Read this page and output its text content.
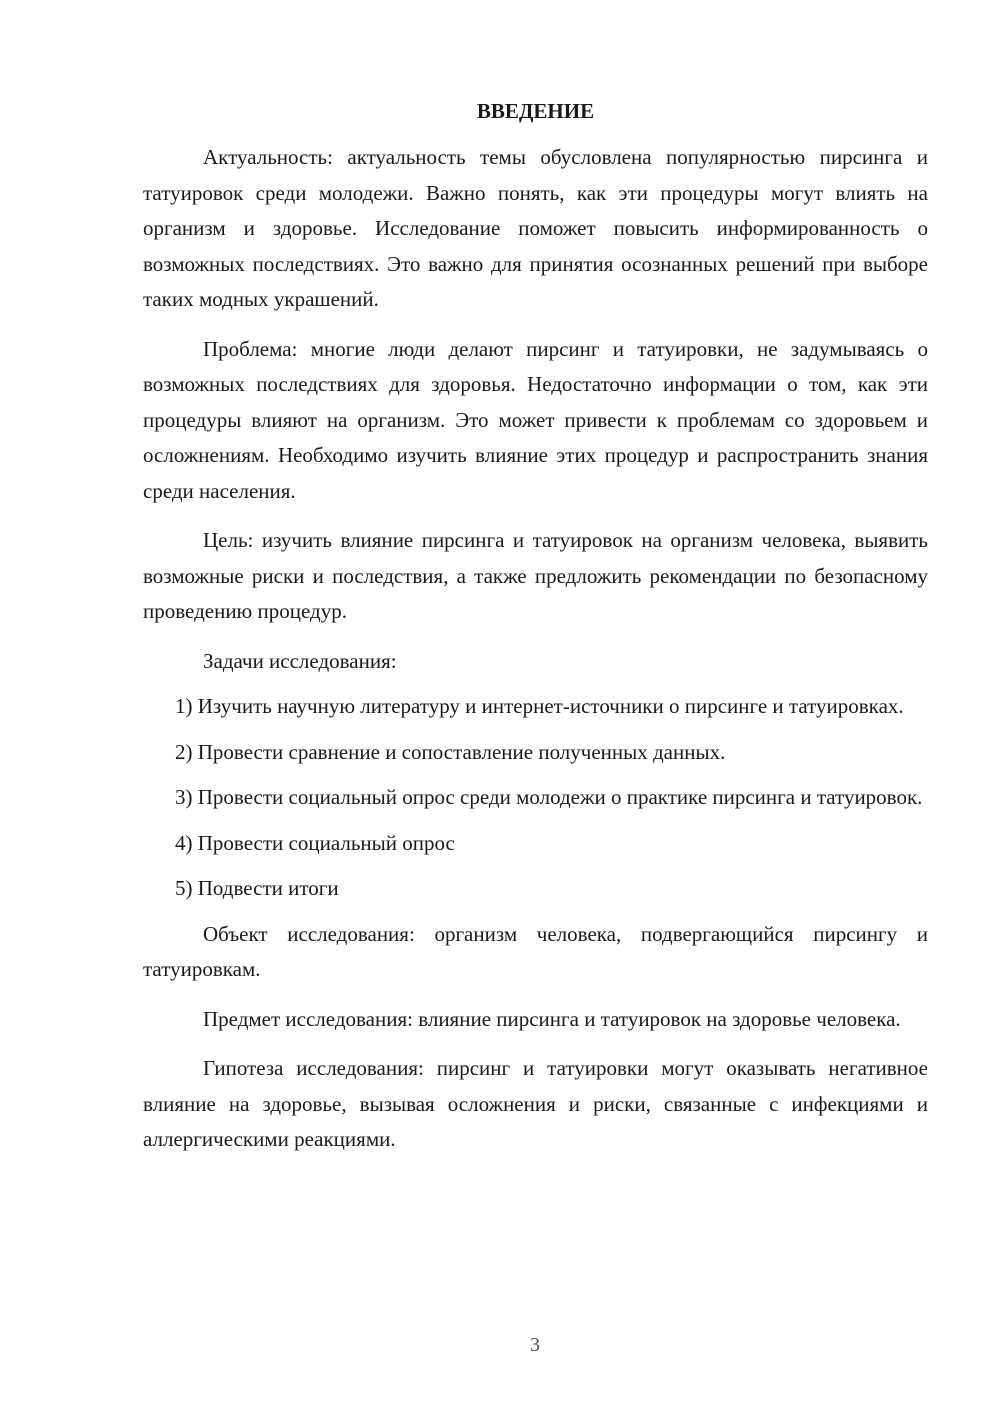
ВВЕДЕНИЕ

Актуальность: актуальность темы обусловлена популярностью пирсинга и татуировок среди молодежи. Важно понять, как эти процедуры могут влиять на организм и здоровье. Исследование поможет повысить информированность о возможных последствиях. Это важно для принятия осознанных решений при выборе таких модных украшений.

Проблема: многие люди делают пирсинг и татуировки, не задумываясь о возможных последствиях для здоровья. Недостаточно информации о том, как эти процедуры влияют на организм. Это может привести к проблемам со здоровьем и осложнениям. Необходимо изучить влияние этих процедур и распространить знания среди населения.

Цель: изучить влияние пирсинга и татуировок на организм человека, выявить возможные риски и последствия, а также предложить рекомендации по безопасному проведению процедур.

Задачи исследования:

1) Изучить научную литературу и интернет-источники о пирсинге и татуировках.

2) Провести сравнение и сопоставление полученных данных.

3) Провести социальный опрос среди молодежи о практике пирсинга и татуировок.

4) Провести социальный опрос

5) Подвести итоги

Объект исследования: организм человека, подвергающийся пирсингу и татуировкам.

Предмет исследования: влияние пирсинга и татуировок на здоровье человека.

Гипотеза исследования: пирсинг и татуировки могут оказывать негативное влияние на здоровье, вызывая осложнения и риски, связанные с инфекциями и аллергическими реакциями.

3
